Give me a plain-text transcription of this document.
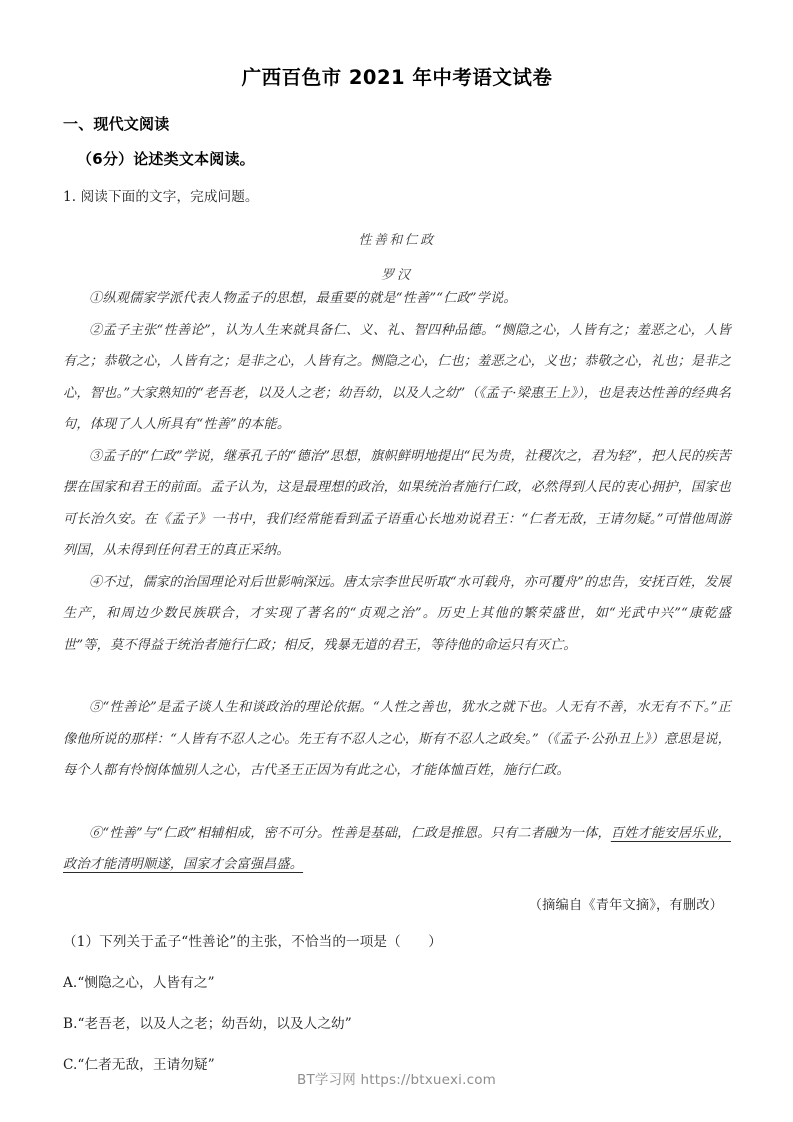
广西百色市 2021 年中考语文试卷
一、现代文阅读
（6分）论述类文本阅读。
1. 阅读下面的文字，完成问题。
性善和仁政
罗汉

①纵观儒家学派代表人物孟子的思想，最重要的就是“性善”“仁政”学说。

②孟子主张“性善论”，认为人生来就具备仁、义、礼、智四种品德。“恻隐之心，人皆有之；羞恶之心，人皆有之；恭敬之心，人皆有之；是非之心，人皆有之。恻隐之心，仁也；羞恶之心，义也；恭敬之心，礼也；是非之心，智也。”大家熟知的“老吾老，以及人之老；幼吾幼，以及人之幼”（《孟子·梁惠王上》），也是表达性善的经典名句，体现了人人所具有“性善”的本能。

③孟子的“仁政”学说，继承孔子的“德治”思想，旗帜鲜明地提出“民为贵，社稷次之，君为轻”，把人民的疾苦摆在国家和君王的前面。孟子认为，这是最理想的政治，如果统治者施行仁政，必然得到人民的衷心拥护，国家也可长治久安。在《孟子》一书中，我们经常能看到孟子语重心长地劝说君王：“仁者无敌，王请勿疑。”可惜他周游列国，从未得到任何君王的真正采纳。

④不过，儒家的治国理论对后世影响深远。唐太宗李世民听取“水可载舟，亦可覆舟”的忠告，安抚百姓，发展生产，和周边少数民族联合，才实现了著名的“贞观之治”。历史上其他的繁荣盛世，如“光武中兴”“康乾盛世”等，莫不得益于统治者施行仁政；相反，残暴无道的君王，等待他的命运只有灭亡。

⑤“性善论”是孟子谈人生和谈政治的理论依据。“人性之善也，犹水之就下也。人无有不善，水无有不下。”正像他所说的那样：“人皆有不忍人之心。先王有不忍人之心，斯有不忍人之政矣。”（《孟子·公孙丑上》）意思是说，每个人都有怜悯体恤别人之心，古代圣王正因为有此之心，才能体恤百姓，施行仁政。

⑥“性善”与“仁政”相辅相成，密不可分。性善是基础，仁政是推恩。只有二者融为一体，百姓才能安居乐业，政治才能清明顺遂，国家才会富强昌盛。

（摘编自《青年文摘》，有删改）
（1）下列关于孟子“性善论”的主张，不恰当的一项是（　　）
A.“恻隐之心，人皆有之”
B.“老吾老，以及人之老；幼吾幼，以及人之幼”
C.“仁者无敌，王请勿疑”
BT学习网 https://btxuexi.com
